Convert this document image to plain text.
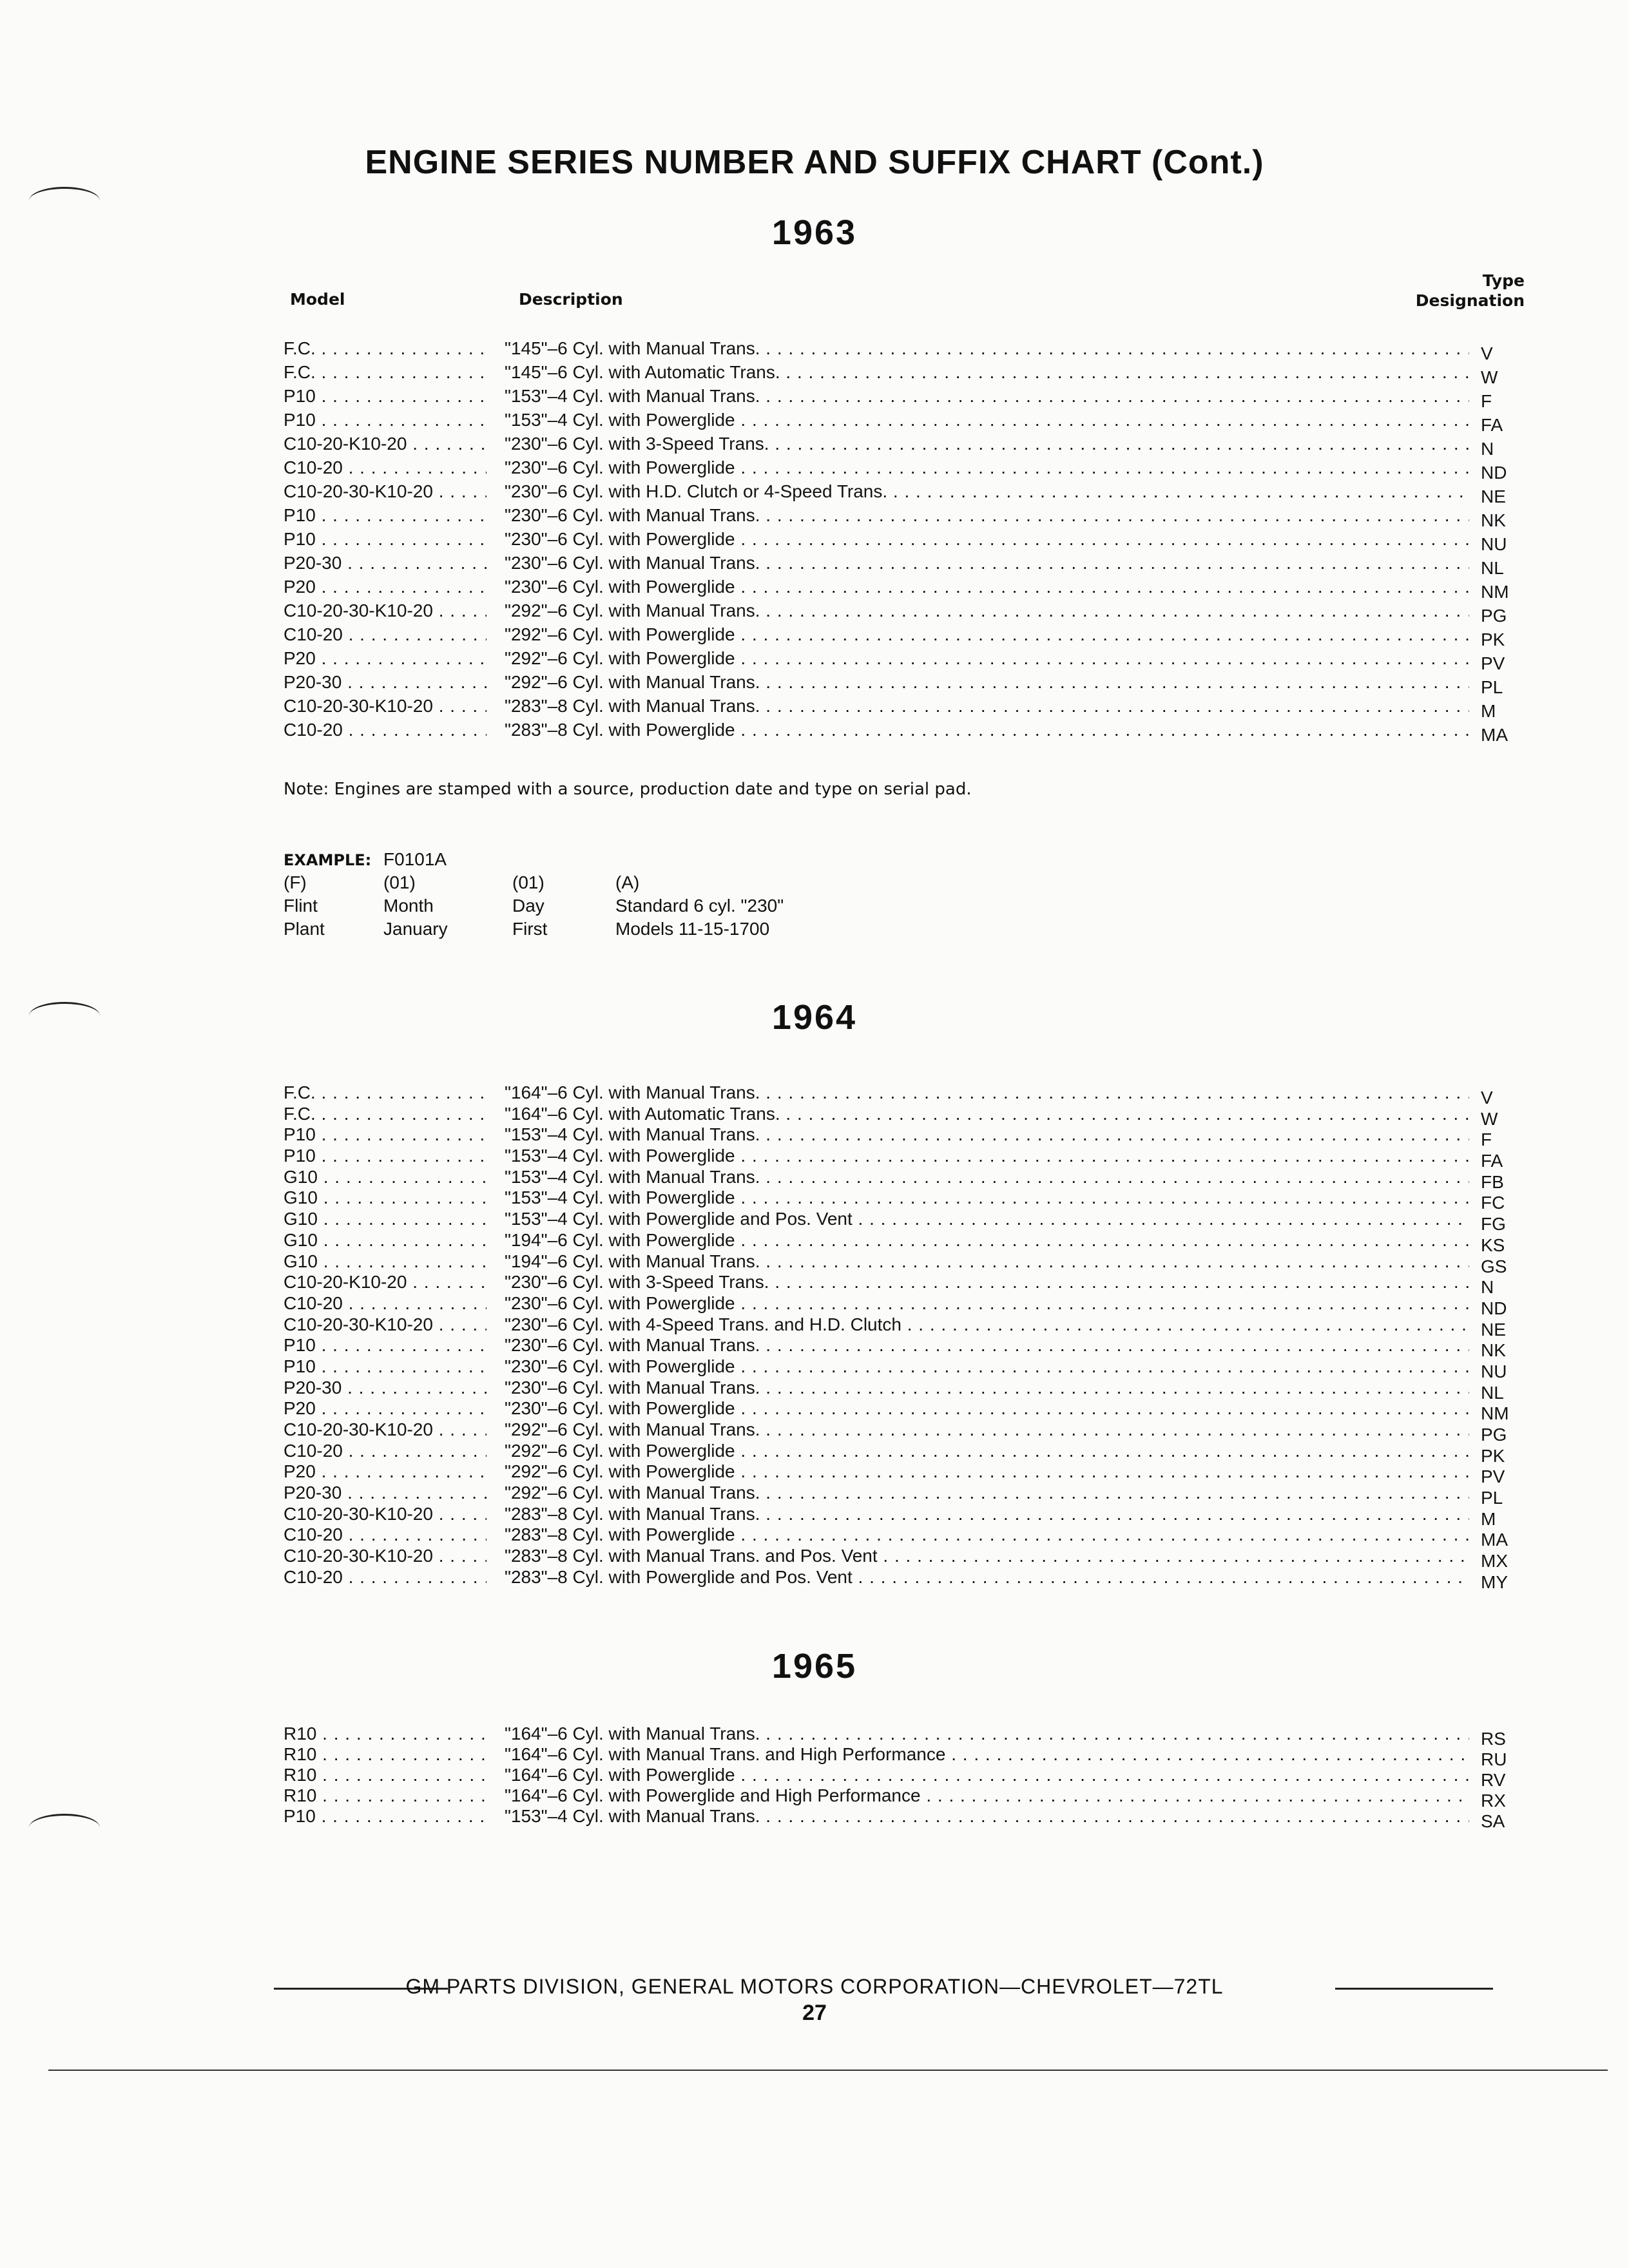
ENGINE SERIES NUMBER AND SUFFIX CHART (Cont.)
1963
Model	Description
Type
Designation
F.C. . . .	"145"–6 Cyl. with Manual Trans. . . .	V
F.C. . . .	"145"–6 Cyl. with Automatic Trans. . . .	W
P10 . . .	"153"–4 Cyl. with Manual Trans. . . .	F
P10 . . .	"153"–4 Cyl. with Powerglide . . .	FA
C10-20-K10-20 . . .	"230"–6 Cyl. with 3-Speed Trans. . . .	N
C10-20 . . .	"230"–6 Cyl. with Powerglide . . .	ND
C10-20-30-K10-20 . . .	"230"–6 Cyl. with H.D. Clutch or 4-Speed Trans. . . .	NE
P10 . . .	"230"–6 Cyl. with Manual Trans. . . .	NK
P10 . . .	"230"–6 Cyl. with Powerglide . . .	NU
P20-30 . . .	"230"–6 Cyl. with Manual Trans. . . .	NL
P20 . . .	"230"–6 Cyl. with Powerglide . . .	NM
C10-20-30-K10-20 . . .	"292"–6 Cyl. with Manual Trans. . . .	PG
C10-20 . . .	"292"–6 Cyl. with Powerglide . . .	PK
P20 . . .	"292"–6 Cyl. with Powerglide . . .	PV
P20-30 . . .	"292"–6 Cyl. with Manual Trans. . . .	PL
C10-20-30-K10-20 . . .	"283"–8 Cyl. with Manual Trans. . . .	M
C10-20 . . .	"283"–8 Cyl. with Powerglide . . .	MA
Note: Engines are stamped with a source, production date and type on serial pad.
EXAMPLE: F0101A
(F)	(01)	(01)	(A)
Flint	Month	Day	Standard 6 cyl. "230"
Plant	January	First	Models 11-15-1700
1964
F.C. . . .	"164"–6 Cyl. with Manual Trans. . . .	V
F.C. . . .	"164"–6 Cyl. with Automatic Trans. . . .	W
P10 . . .	"153"–4 Cyl. with Manual Trans. . . .	F
P10 . . .	"153"–4 Cyl. with Powerglide . . .	FA
G10 . . .	"153"–4 Cyl. with Manual Trans. . . .	FB
G10 . . .	"153"–4 Cyl. with Powerglide . . .	FC
G10 . . .	"153"–4 Cyl. with Powerglide and Pos. Vent . . .	FG
G10 . . .	"194"–6 Cyl. with Powerglide . . .	KS
G10 . . .	"194"–6 Cyl. with Manual Trans. . . .	GS
C10-20-K10-20 . . .	"230"–6 Cyl. with 3-Speed Trans. . . .	N
C10-20 . . .	"230"–6 Cyl. with Powerglide . . .	ND
C10-20-30-K10-20 . . .	"230"–6 Cyl. with 4-Speed Trans. and H.D. Clutch . . .	NE
P10 . . .	"230"–6 Cyl. with Manual Trans. . . .	NK
P10 . . .	"230"–6 Cyl. with Powerglide . . .	NU
P20-30 . . .	"230"–6 Cyl. with Manual Trans. . . .	NL
P20 . . .	"230"–6 Cyl. with Powerglide . . .	NM
C10-20-30-K10-20 . . .	"292"–6 Cyl. with Manual Trans. . . .	PG
C10-20 . . .	"292"–6 Cyl. with Powerglide . . .	PK
P20 . . .	"292"–6 Cyl. with Powerglide . . .	PV
P20-30 . . .	"292"–6 Cyl. with Manual Trans. . . .	PL
C10-20-30-K10-20 . . .	"283"–8 Cyl. with Manual Trans. . . .	M
C10-20 . . .	"283"–8 Cyl. with Powerglide . . .	MA
C10-20-30-K10-20 . . .	"283"–8 Cyl. with Manual Trans. and Pos. Vent . . .	MX
C10-20 . . .	"283"–8 Cyl. with Powerglide and Pos. Vent . . .	MY
1965
R10 . . .	"164"–6 Cyl. with Manual Trans. . . .	RS
R10 . . .	"164"–6 Cyl. with Manual Trans. and High Performance . . .	RU
R10 . . .	"164"–6 Cyl. with Powerglide . . .	RV
R10 . . .	"164"–6 Cyl. with Powerglide and High Performance . . .	RX
P10 . . .	"153"–4 Cyl. with Manual Trans. . . .	SA
GM PARTS DIVISION, GENERAL MOTORS CORPORATION—CHEVROLET—72TL
27
